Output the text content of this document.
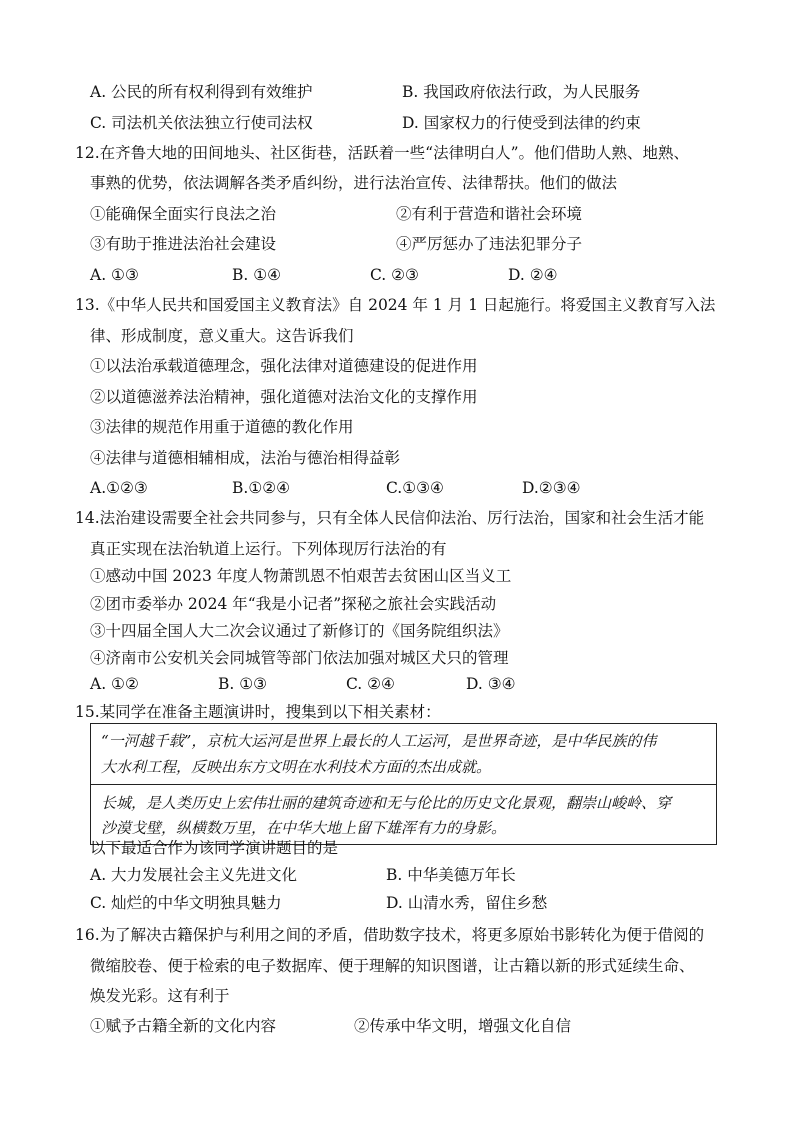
A. 公民的所有权利得到有效维护	B. 我国政府依法行政，为人民服务
C. 司法机关依法独立行使司法权	D. 国家权力的行使受到法律的约束
12.在齐鲁大地的田间地头、社区街巷，活跃着一些“法律明白人”。他们借助人熟、地熟、
事熟的优势，依法调解各类矛盾纠纷，进行法治宣传、法律帮扶。他们的做法
①能确保全面实行良法之治	②有利于营造和谐社会环境
③有助于推进法治社会建设	④严厉惩办了违法犯罪分子
A. ①③	B. ①④	C. ②③	D. ②④
13.《中华人民共和国爱国主义教育法》自 2024 年 1 月 1 日起施行。将爱国主义教育写入法
律、形成制度，意义重大。这告诉我们
①以法治承载道德理念，强化法律对道德建设的促进作用
②以道德滋养法治精神，强化道德对法治文化的支撑作用
③法律的规范作用重于道德的教化作用
④法律与道德相辅相成，法治与德治相得益彰
A.①②③	B.①②④	C.①③④	D.②③④
14.法治建设需要全社会共同参与，只有全体人民信仰法治、厉行法治，国家和社会生活才能
真正实现在法治轨道上运行。下列体现厉行法治的有
①感动中国 2023 年度人物萧凯恩不怕艰苦去贫困山区当义工
②团市委举办 2024 年“我是小记者”探秘之旅社会实践活动
③十四届全国人大二次会议通过了新修订的《国务院组织法》
④济南市公安机关会同城管等部门依法加强对城区犬只的管理
A. ①②	B. ①③	C. ②④	D. ③④
15.某同学在准备主题演讲时，搜集到以下相关素材：
“一河越千载”，京杭大运河是世界上最长的人工运河，是世界奇迹，是中华民族的伟
大水利工程，反映出东方文明在水利技术方面的杰出成就。
长城，是人类历史上宏伟壮丽的建筑奇迹和无与伦比的历史文化景观，翻崇山峻岭、穿
沙漠戈壁，纵横数万里，在中华大地上留下雄浑有力的身影。
以下最适合作为该同学演讲题目的是
A. 大力发展社会主义先进文化	B. 中华美德万年长
C. 灿烂的中华文明独具魅力	D. 山清水秀，留住乡愁
16.为了解决古籍保护与利用之间的矛盾，借助数字技术，将更多原始书影转化为便于借阅的
微缩胶卷、便于检索的电子数据库、便于理解的知识图谱，让古籍以新的形式延续生命、
焕发光彩。这有利于
①赋予古籍全新的文化内容	②传承中华文明，增强文化自信
